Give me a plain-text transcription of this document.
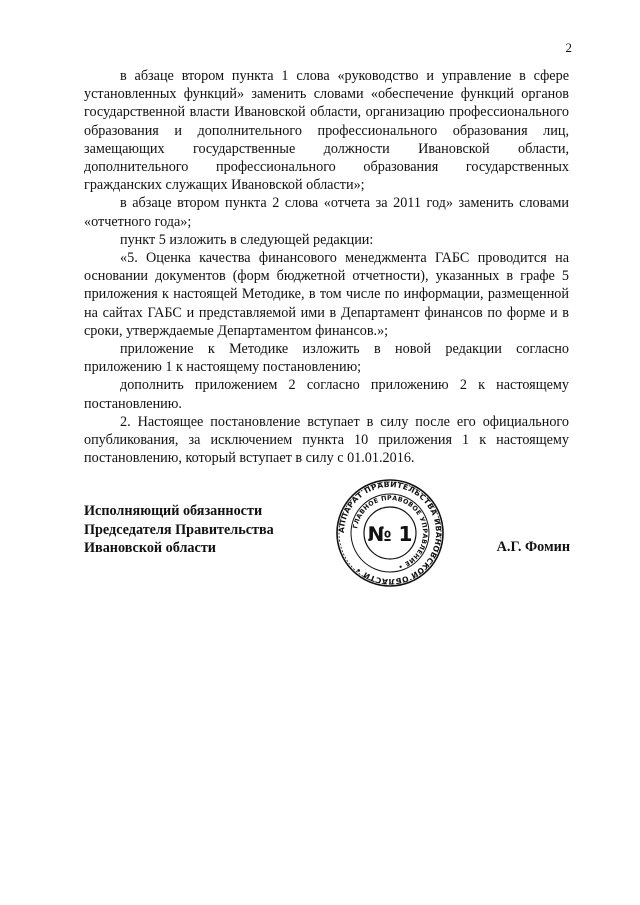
2

в абзаце втором пункта 1 слова «руководство и управление в сфере установленных функций» заменить словами «обеспечение функций органов государственной власти Ивановской области, организацию профессионального образования и дополнительного профессионального образования лиц, замещающих государственные должности Ивановской области, дополнительного профессионального образования государственных гражданских служащих Ивановской области»;

в абзаце втором пункта 2 слова «отчета за 2011 год» заменить словами «отчетного года»;

пункт 5 изложить в следующей редакции:

«5. Оценка качества финансового менеджмента ГАБС проводится на основании документов (форм бюджетной отчетности), указанных в графе 5 приложения к настоящей Методике, в том числе по информации, размещенной на сайтах ГАБС и представляемой ими в Департамент финансов по форме и в сроки, утверждаемые Департаментом финансов.»;

приложение к Методике изложить в новой редакции согласно приложению 1 к настоящему постановлению;

дополнить приложением 2 согласно приложению 2 к настоящему постановлению.

2. Настоящее постановление вступает в силу после его официального опубликования, за исключением пункта 10 приложения 1 к настоящему постановлению, который вступает в силу с 01.01.2016.

Исполняющий обязанности
Председателя Правительства
Ивановской области
АППАРАТ ПРАВИТЕЛЬСТВА ИВАНОВСКОЙ ОБЛАСТИ •
ГЛАВНОЕ ПРАВОВОЕ УПРАВЛЕНИЕ •
№ 1
А.Г. Фомин
